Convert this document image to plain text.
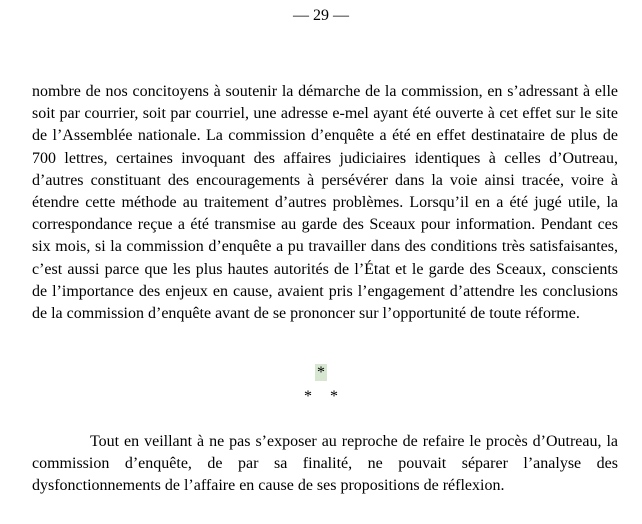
— 29 —

nombre de nos concitoyens à soutenir la démarche de la commission, en s’adressant à elle soit par courrier, soit par courriel, une adresse e-mel ayant été ouverte à cet effet sur le site de l’Assemblée nationale. La commission d’enquête a été en effet destinataire de plus de 700 lettres, certaines invoquant des affaires judiciaires identiques à celles d’Outreau, d’autres constituant des encouragements à persévérer dans la voie ainsi tracée, voire à étendre cette méthode au traitement d’autres problèmes. Lorsqu’il en a été jugé utile, la correspondance reçue a été transmise au garde des Sceaux pour information. Pendant ces six mois, si la commission d’enquête a pu travailler dans des conditions très satisfaisantes, c’est aussi parce que les plus hautes autorités de l’État et le garde des Sceaux, conscients de l’importance des enjeux en cause, avaient pris l’engagement d’attendre les conclusions de la commission d’enquête avant de se prononcer sur l’opportunité de toute réforme.

*
* *

Tout en veillant à ne pas s’exposer au reproche de refaire le procès d’Outreau, la commission d’enquête, de par sa finalité, ne pouvait séparer l’analyse des dysfonctionnements de l’affaire en cause de ses propositions de réflexion.
